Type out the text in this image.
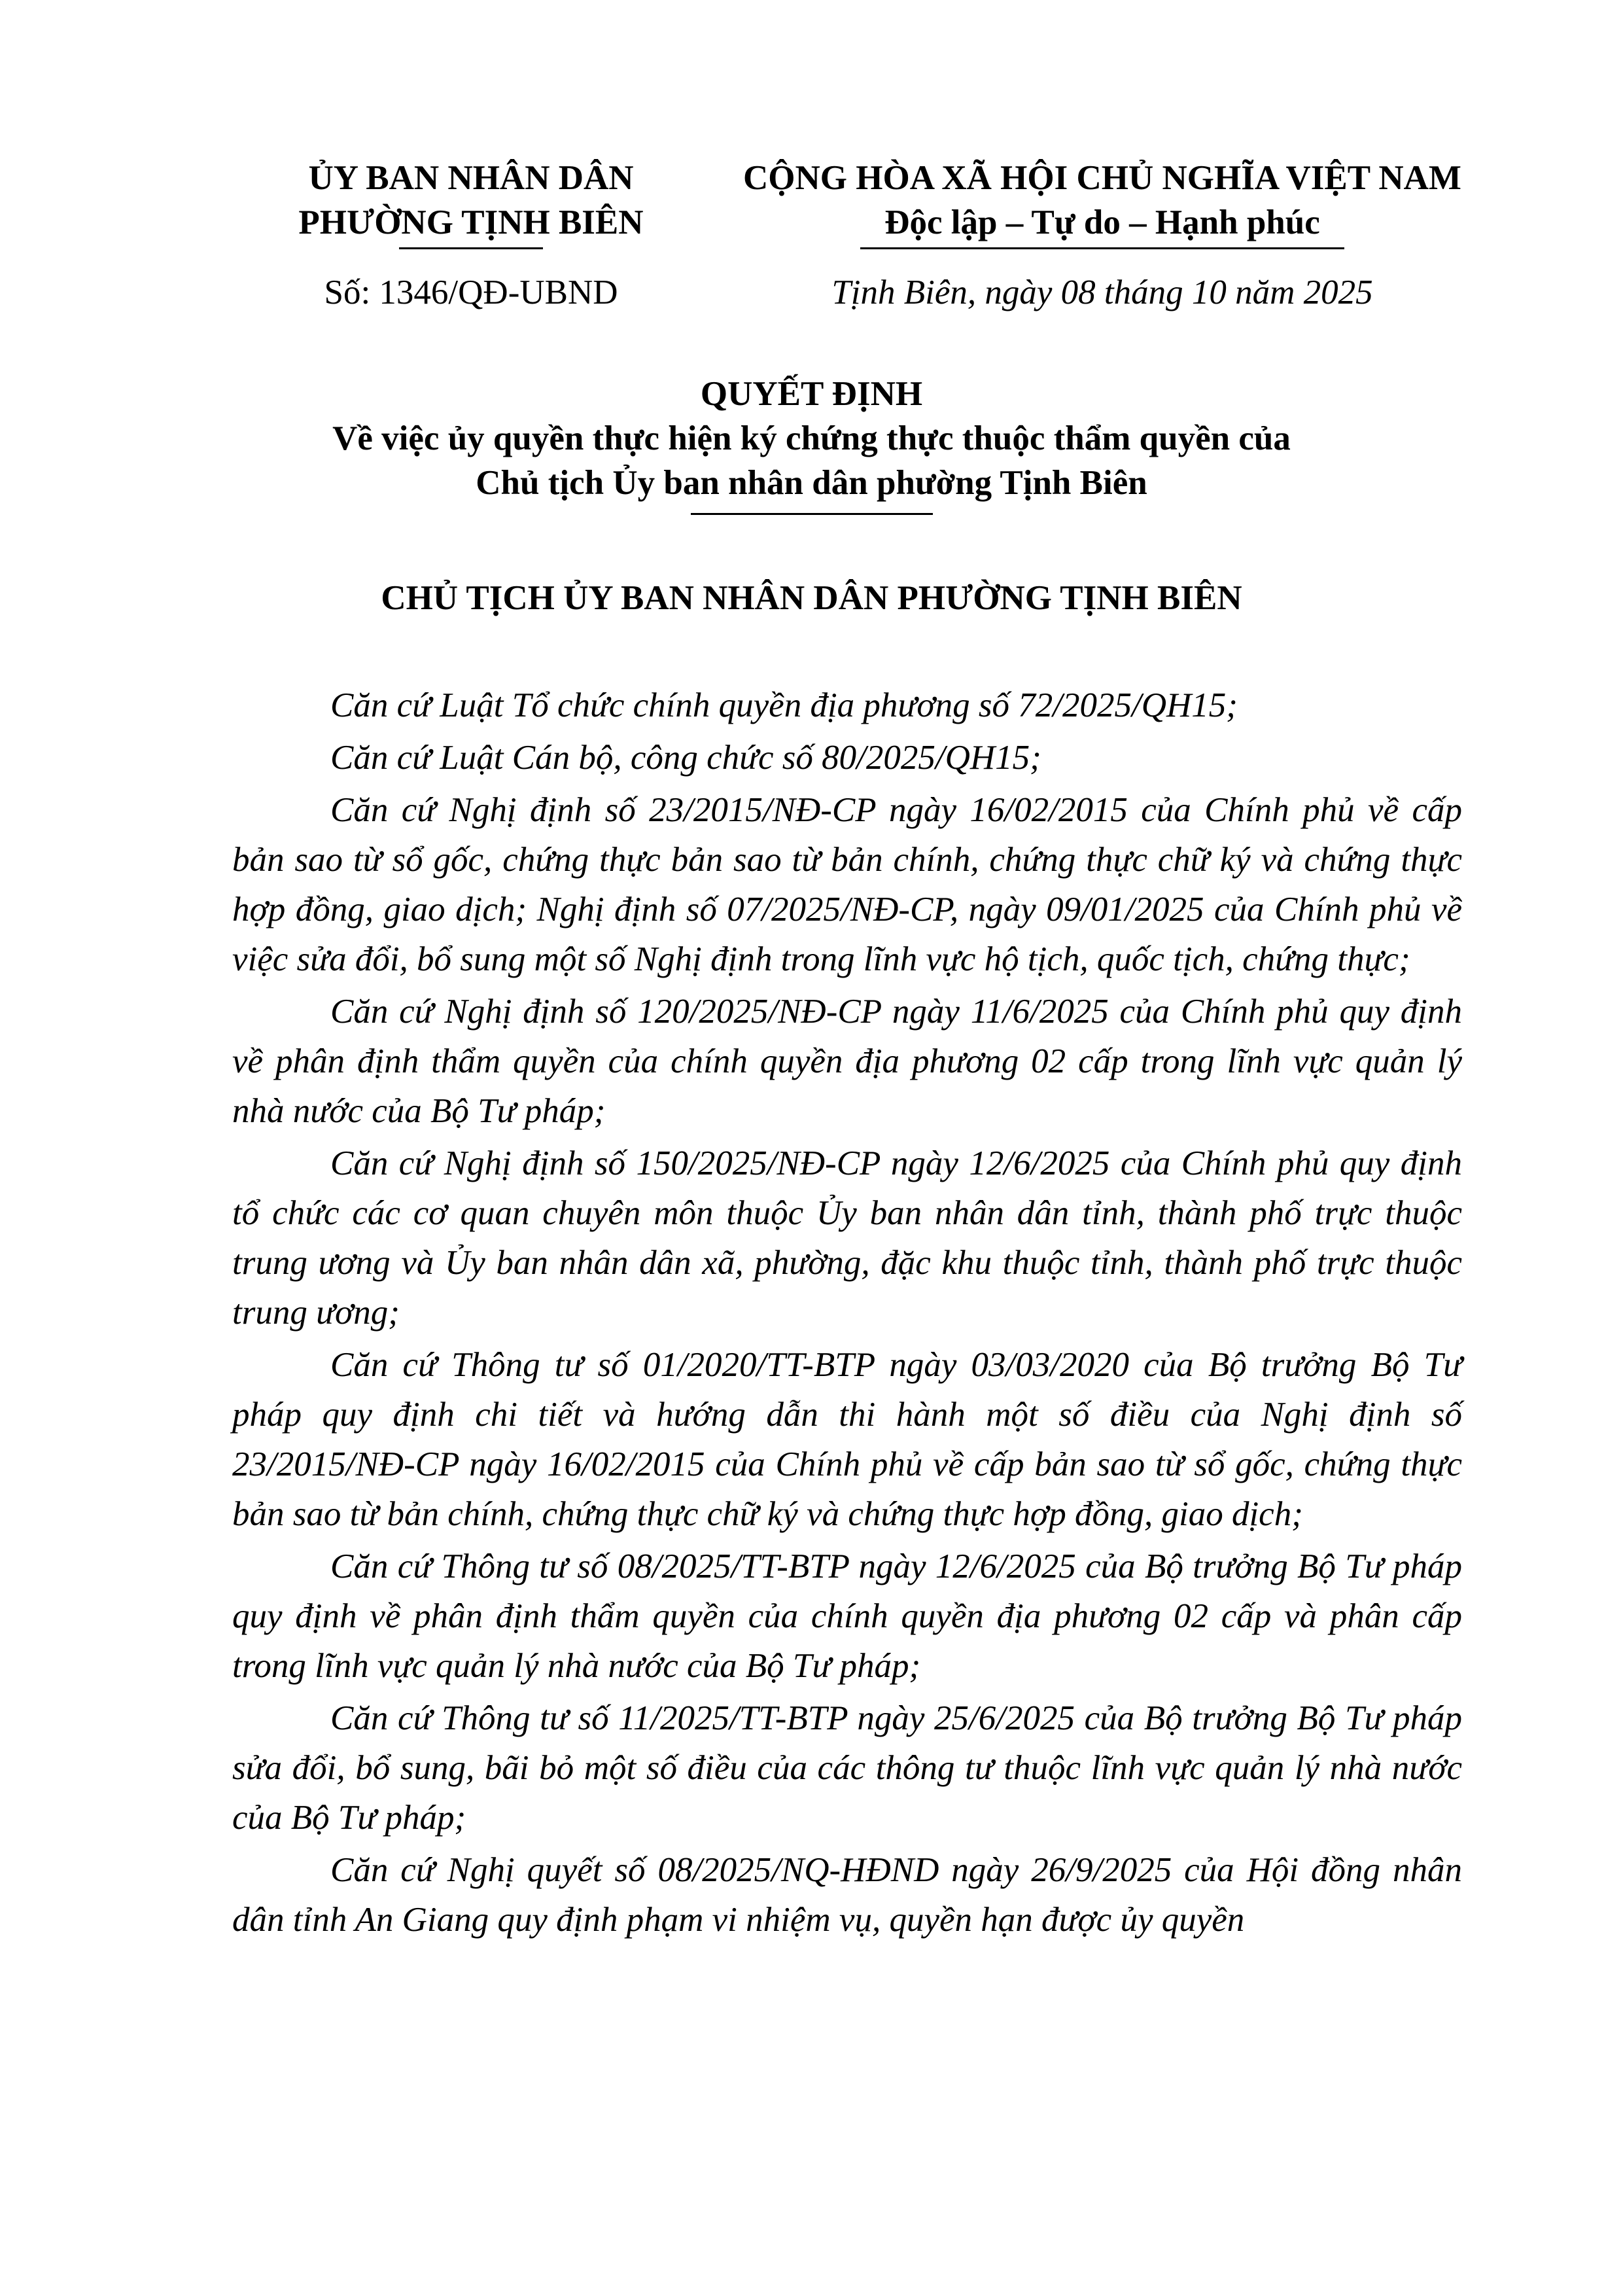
ỦY BAN NHÂN DÂN
PHƯỜNG TỊNH BIÊN
CỘNG HÒA XÃ HỘI CHỦ NGHĨA VIỆT NAM
Độc lập – Tự do – Hạnh phúc
Số: 1346/QĐ-UBND	Tịnh Biên, ngày 08 tháng 10 năm 2025
QUYẾT ĐỊNH
Về việc ủy quyền thực hiện ký chứng thực thuộc thẩm quyền của
Chủ tịch Ủy ban nhân dân phường Tịnh Biên
CHỦ TỊCH ỦY BAN NHÂN DÂN PHƯỜNG TỊNH BIÊN

Căn cứ Luật Tổ chức chính quyền địa phương số 72/2025/QH15;

Căn cứ Luật Cán bộ, công chức số 80/2025/QH15;

Căn cứ Nghị định số 23/2015/NĐ-CP ngày 16/02/2015 của Chính phủ về cấp bản sao từ sổ gốc, chứng thực bản sao từ bản chính, chứng thực chữ ký và chứng thực hợp đồng, giao dịch; Nghị định số 07/2025/NĐ-CP, ngày 09/01/2025 của Chính phủ về việc sửa đổi, bổ sung một số Nghị định trong lĩnh vực hộ tịch, quốc tịch, chứng thực;

Căn cứ Nghị định số 120/2025/NĐ-CP ngày 11/6/2025 của Chính phủ quy định về phân định thẩm quyền của chính quyền địa phương 02 cấp trong lĩnh vực quản lý nhà nước của Bộ Tư pháp;

Căn cứ Nghị định số 150/2025/NĐ-CP ngày 12/6/2025 của Chính phủ quy định tổ chức các cơ quan chuyên môn thuộc Ủy ban nhân dân tỉnh, thành phố trực thuộc trung ương và Ủy ban nhân dân xã, phường, đặc khu thuộc tỉnh, thành phố trực thuộc trung ương;

Căn cứ Thông tư số 01/2020/TT-BTP ngày 03/03/2020 của Bộ trưởng Bộ Tư pháp quy định chi tiết và hướng dẫn thi hành một số điều của Nghị định số 23/2015/NĐ-CP ngày 16/02/2015 của Chính phủ về cấp bản sao từ sổ gốc, chứng thực bản sao từ bản chính, chứng thực chữ ký và chứng thực hợp đồng, giao dịch;

Căn cứ Thông tư số 08/2025/TT-BTP ngày 12/6/2025 của Bộ trưởng Bộ Tư pháp quy định về phân định thẩm quyền của chính quyền địa phương 02 cấp và phân cấp trong lĩnh vực quản lý nhà nước của Bộ Tư pháp;

Căn cứ Thông tư số 11/2025/TT-BTP ngày 25/6/2025 của Bộ trưởng Bộ Tư pháp sửa đổi, bổ sung, bãi bỏ một số điều của các thông tư thuộc lĩnh vực quản lý nhà nước của Bộ Tư pháp;

Căn cứ Nghị quyết số 08/2025/NQ-HĐND ngày 26/9/2025 của Hội đồng nhân dân tỉnh An Giang quy định phạm vi nhiệm vụ, quyền hạn được ủy quyền
